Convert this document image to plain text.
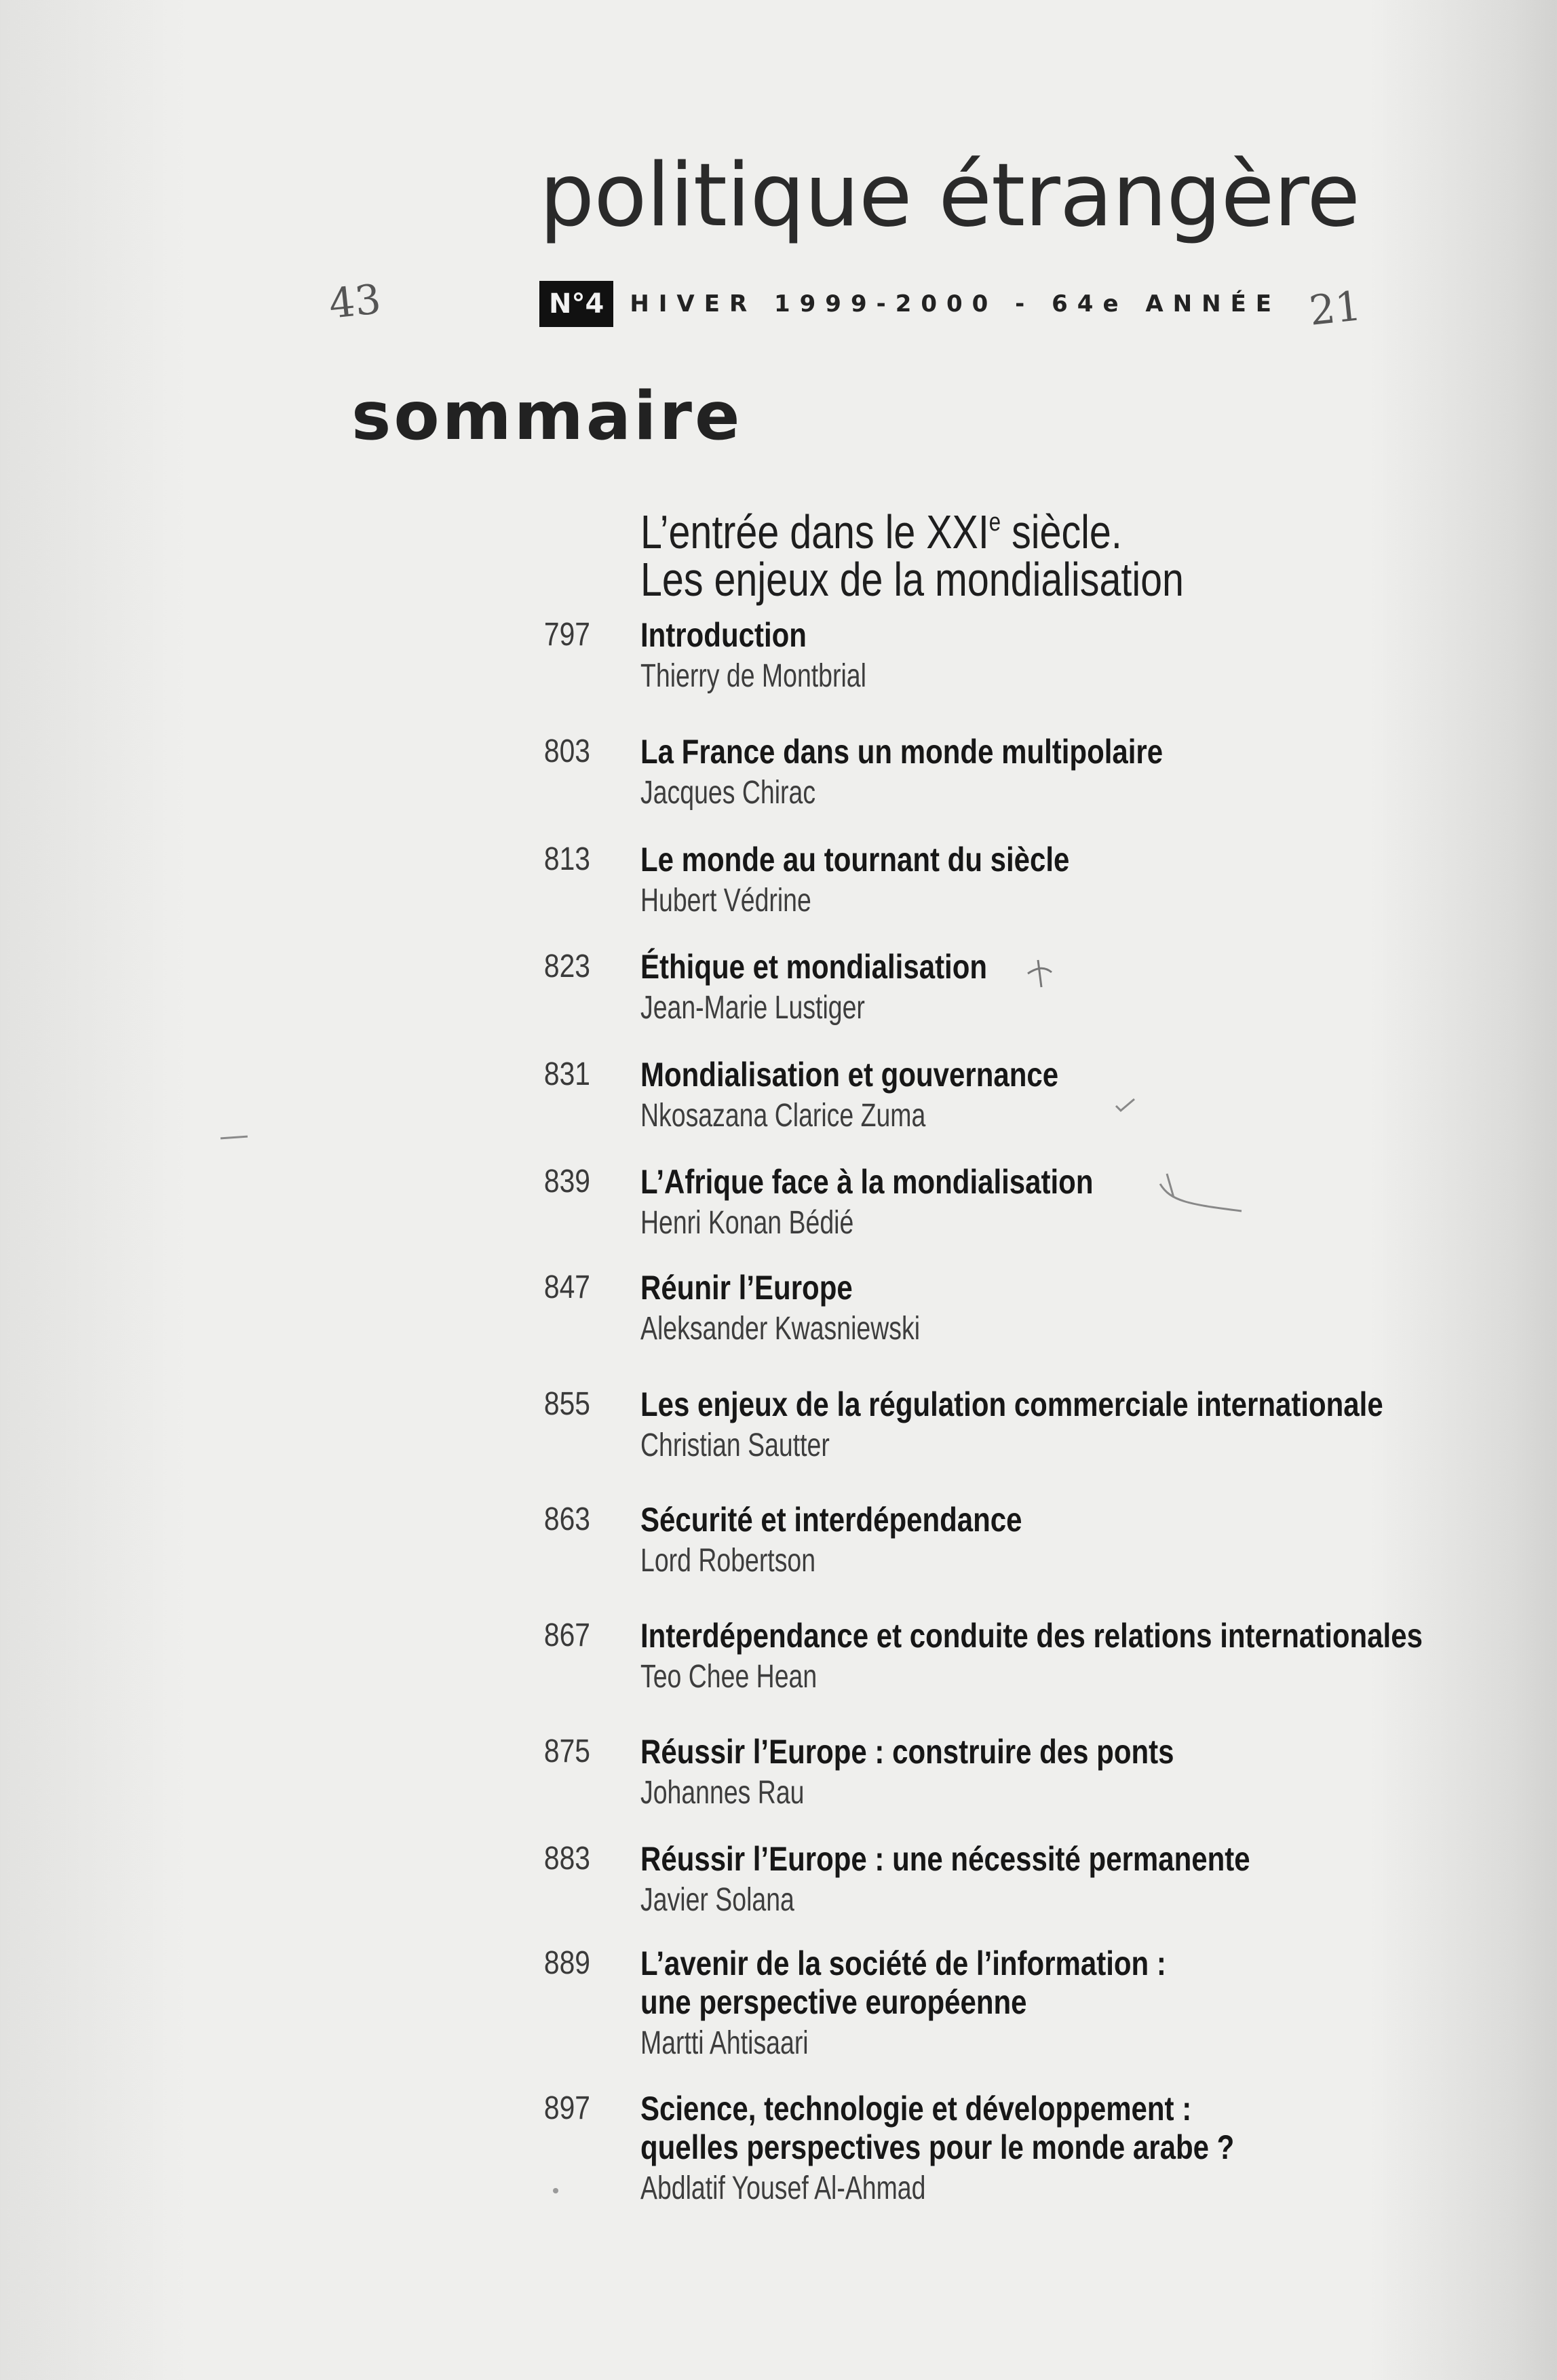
politique étrangère
N°4	HIVER 1999-2000 - 64e ANNÉE
43	21
sommaire
L’entrée dans le XXIe siècle.
Les enjeux de la mondialisation
797 Introduction
Thierry de Montbrial
803 La France dans un monde multipolaire
Jacques Chirac
813 Le monde au tournant du siècle
Hubert Védrine
823 Éthique et mondialisation
Jean-Marie Lustiger
831 Mondialisation et gouvernance
Nkosazana Clarice Zuma
839 L’Afrique face à la mondialisation
Henri Konan Bédié
847 Réunir l’Europe
Aleksander Kwasniewski
855 Les enjeux de la régulation commerciale internationale
Christian Sautter
863 Sécurité et interdépendance
Lord Robertson
867 Interdépendance et conduite des relations internationales
Teo Chee Hean
875 Réussir l’Europe : construire des ponts
Johannes Rau
883 Réussir l’Europe : une nécessité permanente
Javier Solana
889 L’avenir de la société de l’information :
une perspective européenne
Martti Ahtisaari
897 Science, technologie et développement :
quelles perspectives pour le monde arabe ?
Abdlatif Yousef Al-Ahmad
